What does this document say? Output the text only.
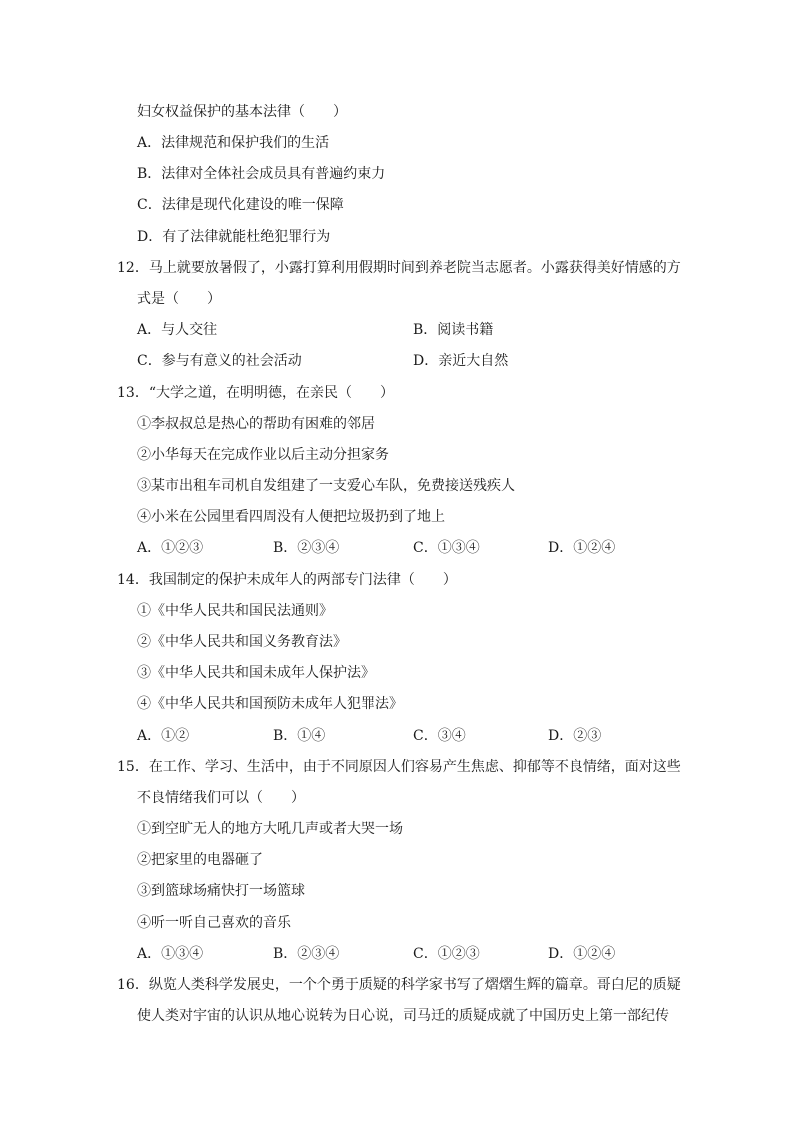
妇女权益保护的基本法律（　　）
A．法律规范和保护我们的生活
B．法律对全体社会成员具有普遍约束力
C．法律是现代化建设的唯一保障
D．有了法律就能杜绝犯罪行为
12．马上就要放暑假了，小露打算利用假期时间到养老院当志愿者。小露获得美好情感的方
式是（　　）
A．与人交往	B．阅读书籍
C．参与有意义的社会活动	D．亲近大自然
13．“大学之道，在明明德，在亲民（　　）
①李叔叔总是热心的帮助有困难的邻居
②小华每天在完成作业以后主动分担家务
③某市出租车司机自发组建了一支爱心车队，免费接送残疾人
④小米在公园里看四周没有人便把垃圾扔到了地上
A．①②③	B．②③④	C．①③④	D．①②④
14．我国制定的保护未成年人的两部专门法律（　　）
①《中华人民共和国民法通则》
②《中华人民共和国义务教育法》
③《中华人民共和国未成年人保护法》
④《中华人民共和国预防未成年人犯罪法》
A．①②	B．①④	C．③④	D．②③
15．在工作、学习、生活中，由于不同原因人们容易产生焦虑、抑郁等不良情绪，面对这些
不良情绪我们可以（　　）
①到空旷无人的地方大吼几声或者大哭一场
②把家里的电器砸了
③到篮球场痛快打一场篮球
④听一听自己喜欢的音乐
A．①③④	B．②③④	C．①②③	D．①②④
16．纵览人类科学发展史，一个个勇于质疑的科学家书写了熠熠生辉的篇章。哥白尼的质疑
使人类对宇宙的认识从地心说转为日心说，司马迁的质疑成就了中国历史上第一部纪传
